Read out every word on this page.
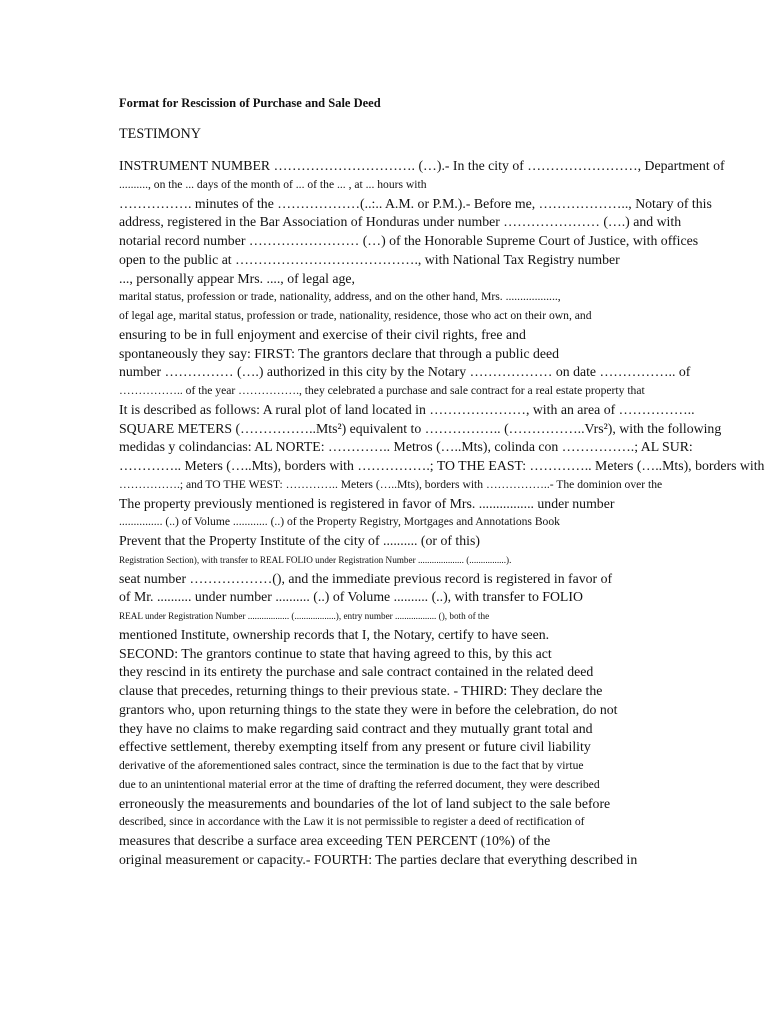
Format for Rescission of Purchase and Sale Deed
TESTIMONY
INSTRUMENT NUMBER …………………………. (…).- In the city of ……………………, Department of
.........., on the ... days of the month of ... of the ... , at ... hours with
……………. minutes of the ………………(..:.. A.M. or P.M.).- Before me, ……………….., Notary of this
address, registered in the Bar Association of Honduras under number ………………… (….) and with
notarial record number …………………… (…) of the Honorable Supreme Court of Justice, with offices
open to the public at …………………………………., with National Tax Registry number
..., personally appear Mrs. ...., of legal age,
marital status, profession or trade, nationality, address, and on the other hand, Mrs. ..................,
of legal age, marital status, profession or trade, nationality, residence, those who act on their own, and
ensuring to be in full enjoyment and exercise of their civil rights, free and
spontaneously they say: FIRST: The grantors declare that through a public deed
number …………… (….) authorized in this city by the Notary ……………… on date …………….. of
…………….. of the year ……………., they celebrated a purchase and sale contract for a real estate property that
It is described as follows: A rural plot of land located in …………………, with an area of ……………..
SQUARE METERS (……………..Mts²) equivalent to …………….. (……………..Vrs²), with the following
medidas y colindancias: AL NORTE: ………….. Metros (…..Mts), colinda con …………….; AL SUR:
………….. Meters (…..Mts), borders with …………….; TO THE EAST: ………….. Meters (…..Mts), borders with
…………….; and TO THE WEST: ………….. Meters (…..Mts), borders with ……………..- The dominion over the
The property previously mentioned is registered in favor of Mrs. ................ under number
............... (..) of Volume ............ (..) of the Property Registry, Mortgages and Annotations Book
Prevent that the Property Institute of the city of .......... (or of this)
Registration Section), with transfer to REAL FOLIO under Registration Number .................... (................).
seat number ………………(), and the immediate previous record is registered in favor of
of Mr. .......... under number .......... (..) of Volume .......... (..), with transfer to FOLIO
REAL under Registration Number .................. (..................), entry number .................. (), both of the
mentioned Institute, ownership records that I, the Notary, certify to have seen.
SECOND: The grantors continue to state that having agreed to this, by this act
they rescind in its entirety the purchase and sale contract contained in the related deed
clause that precedes, returning things to their previous state. - THIRD: They declare the
grantors who, upon returning things to the state they were in before the celebration, do not
they have no claims to make regarding said contract and they mutually grant total and
effective settlement, thereby exempting itself from any present or future civil liability
derivative of the aforementioned sales contract, since the termination is due to the fact that by virtue
due to an unintentional material error at the time of drafting the referred document, they were described
erroneously the measurements and boundaries of the lot of land subject to the sale before
described, since in accordance with the Law it is not permissible to register a deed of rectification of
measures that describe a surface area exceeding TEN PERCENT (10%) of the
original measurement or capacity.- FOURTH: The parties declare that everything described in
